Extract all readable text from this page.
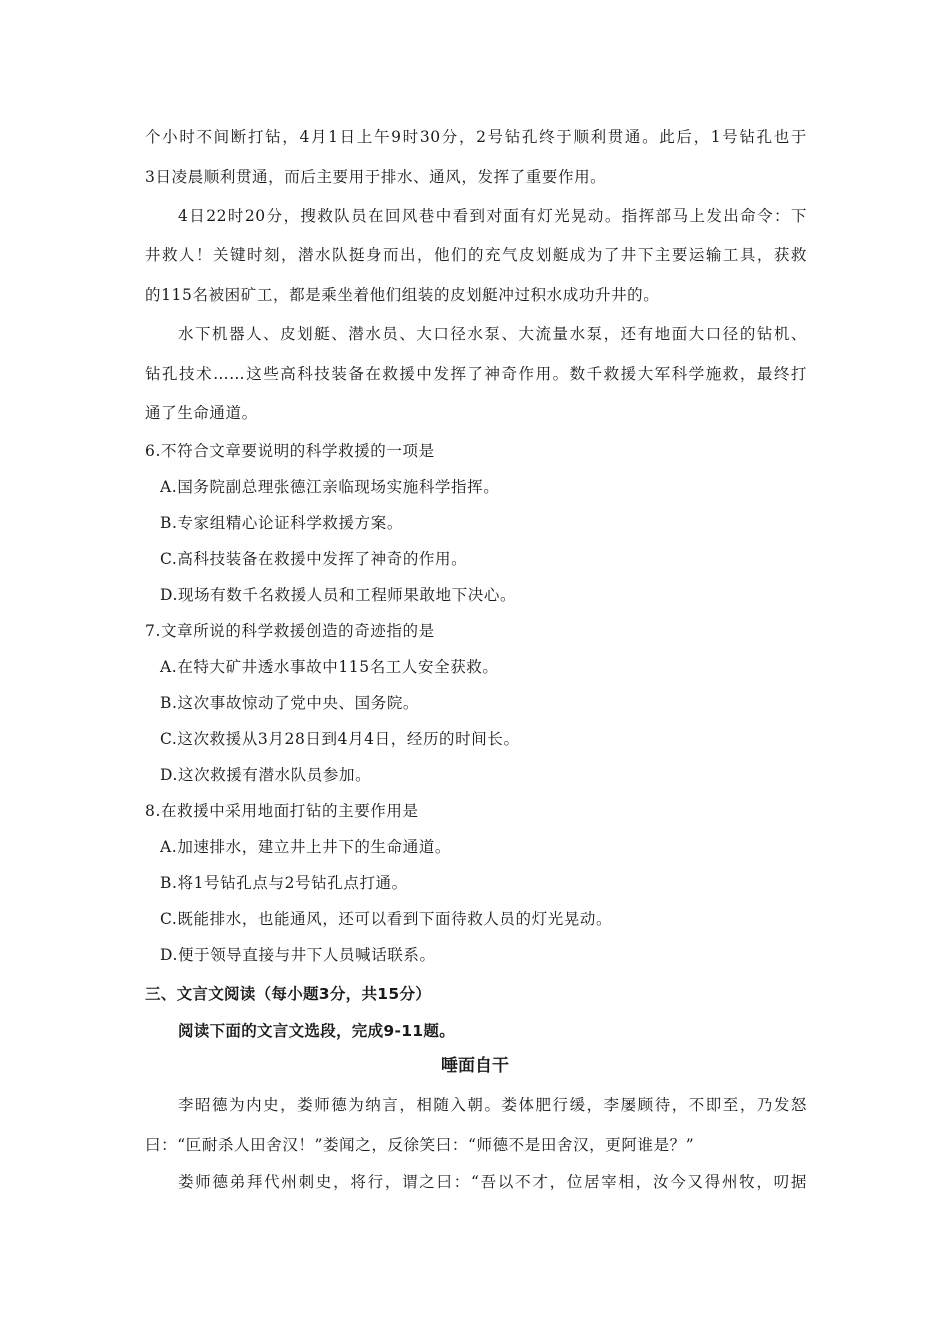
个小时不间断打钻，4月1日上午9时30分，2号钻孔终于顺利贯通。此后，1号钻孔也于
3日凌晨顺利贯通，而后主要用于排水、通风，发挥了重要作用。
4日22时20分，搜救队员在回风巷中看到对面有灯光晃动。指挥部马上发出命令：下
井救人！关键时刻，潜水队挺身而出，他们的充气皮划艇成为了井下主要运输工具，获救
的115名被困矿工，都是乘坐着他们组装的皮划艇冲过积水成功升井的。
水下机器人、皮划艇、潜水员、大口径水泵、大流量水泵，还有地面大口径的钻机、
钻孔技术……这些高科技装备在救援中发挥了神奇作用。数千救援大军科学施救，最终打
通了生命通道。
6.不符合文章要说明的科学救援的一项是
A.国务院副总理张德江亲临现场实施科学指挥。
B.专家组精心论证科学救援方案。
C.高科技装备在救援中发挥了神奇的作用。
D.现场有数千名救援人员和工程师果敢地下决心。
7.文章所说的科学救援创造的奇迹指的是
A.在特大矿井透水事故中115名工人安全获救。
B.这次事故惊动了党中央、国务院。
C.这次救援从3月28日到4月4日，经历的时间长。
D.这次救援有潜水队员参加。
8.在救援中采用地面打钻的主要作用是
A.加速排水，建立井上井下的生命通道。
B.将1号钻孔点与2号钻孔点打通。
C.既能排水，也能通风，还可以看到下面待救人员的灯光晃动。
D.便于领导直接与井下人员喊话联系。
三、文言文阅读（每小题3分，共15分）
阅读下面的文言文选段，完成9-11题。
唾面自干
李昭德为内史，娄师德为纳言，相随入朝。娄体肥行缓，李屡顾待，不即至，乃发怒
曰：“叵耐杀人田舍汉！”娄闻之，反徐笑曰：“师德不是田舍汉，更阿谁是？”
娄师德弟拜代州刺史，将行，谓之曰：“吾以不才，位居宰相，汝今又得州牧，叨据
